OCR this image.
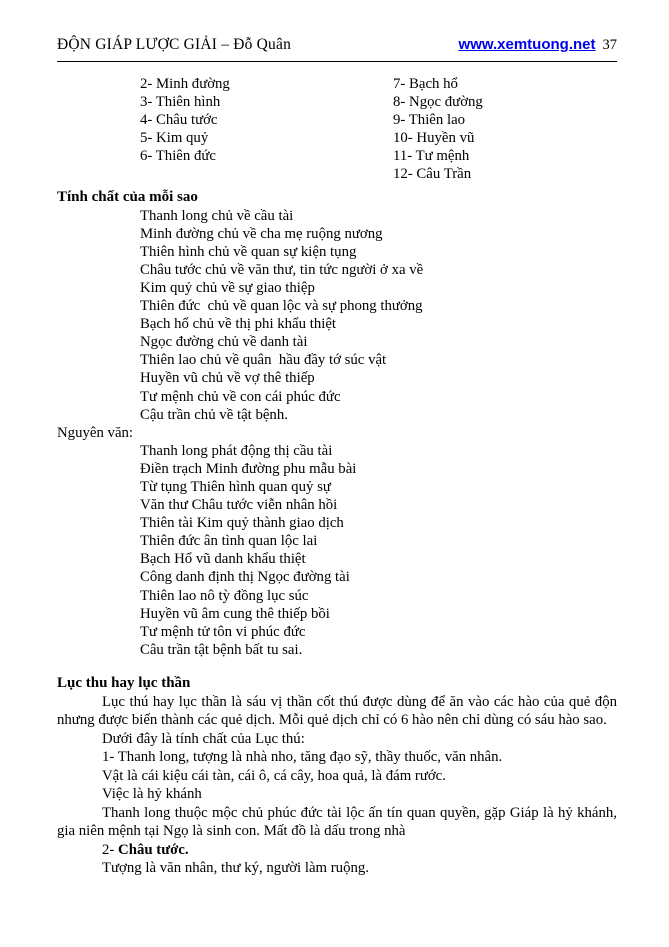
ĐỘN GIÁP LƯỢC GIẢI – Đỗ Quân	www.xemtuong.net 37
2- Minh đường
3- Thiên hình
4- Châu tước
5- Kim quỷ
6- Thiên đức
7- Bạch hổ
8- Ngọc đường
9- Thiên lao
10- Huyền vũ
11- Tư mệnh
12- Câu Trần
Tính chất của mỗi sao
Thanh long chủ về cầu tài
Minh đường chủ về cha mẹ ruộng nương
Thiên hình chủ về quan sự kiện tụng
Châu tước chủ về văn thư, tin tức người ở xa về
Kim quỷ chủ về sự giao thiệp
Thiên đức  chủ về quan lộc và sự phong thưởng
Bạch hổ chủ về thị phi khẩu thiệt
Ngọc đường chủ về danh tài
Thiên lao chủ về quân  hầu đầy tớ súc vật
Huyền vũ chủ về vợ thê thiếp
Tư mệnh chủ về con cái phúc đức
Cậu trần chủ về tật bệnh.
Nguyên văn:
Thanh long phát động thị cầu tài
Điền trạch Minh đường phu mẫu bài
Từ tụng Thiên hình quan quỷ sự
Văn thư Châu tước viễn nhân hồi
Thiên tài Kim quỷ thành giao dịch
Thiên đức ân tình quan lộc lai
Bạch Hổ vũ danh khẩu thiệt
Công danh định thị Ngọc đường tài
Thiên lao nô tỳ đồng lục súc
Huyền vũ âm cung thê thiếp bồi
Tư mệnh tử tôn vi phúc đức
Câu trần tật bệnh bất tu sai.
Lục thu hay lục thần

Lục thú hay lục thần là sáu vị thần cốt thú được dùng để ăn vào các hào của quẻ độn nhưng được biến thành các quẻ dịch. Mỗi quẻ dịch chỉ có 6 hào nên chỉ dùng có sáu hào sao.

Dưới đây là tính chất của Lục thú:

1- Thanh long, tượng là nhà nho, tăng đạo sỹ, thầy thuốc, văn nhân.

Vật là cái kiệu cái tàn, cái ô, cá cây, hoa quả, là đám rước.

Việc là hỷ khánh

Thanh long thuộc mộc chủ phúc đức tài lộc ấn tín quan quyền, gặp Giáp là hỷ khánh, gia niên mệnh tại Ngọ là sinh con. Mất đồ là dấu trong nhà

2- Châu tước.

Tượng là văn nhân, thư ký, người làm ruộng.
